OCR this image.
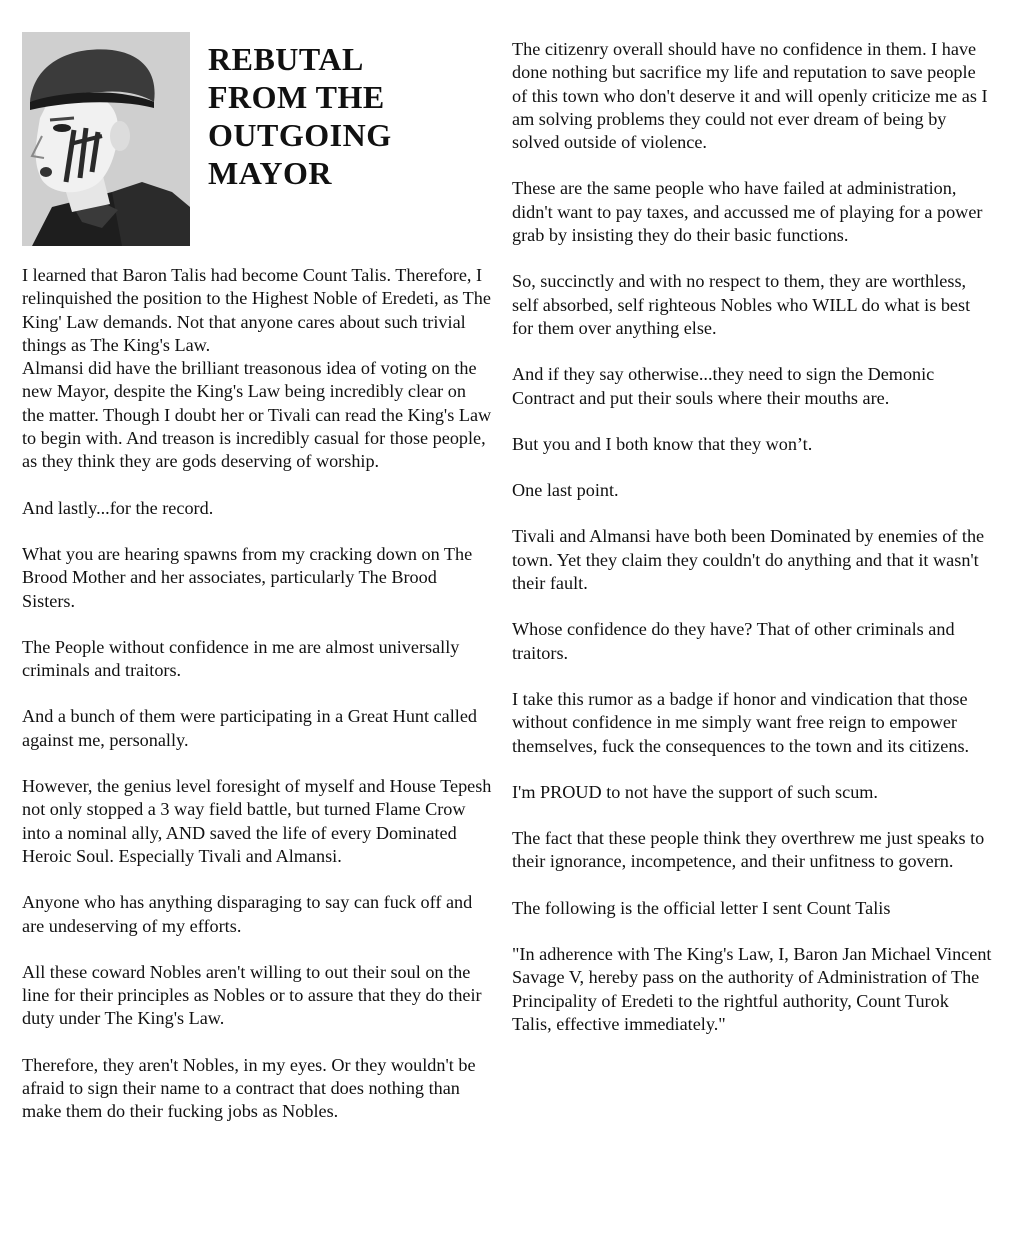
REBUTAL
FROM THE
OUTGOING
MAYOR

I learned that Baron Talis had become Count Talis. Therefore, I relinquished the position to the Highest Noble of Eredeti, as The King' Law demands. Not that anyone cares about such trivial things as The King's Law.

Almansi did have the brilliant treasonous idea of voting on the new Mayor, despite the King's Law being incredibly clear on the matter. Though I doubt her or Tivali can read the King's Law to begin with. And treason is incredibly casual for those people, as they think they are gods deserving of worship.

And lastly...for the record.

What you are hearing spawns from my cracking down on The Brood Mother and her associates, particularly The Brood Sisters.

The People without confidence in me are almost universally criminals and traitors.

And a bunch of them were participating in a Great Hunt called against me, personally.

However, the genius level foresight of myself and House Tepesh not only stopped a 3 way field battle, but turned Flame Crow into a nominal ally, AND saved the life of every Dominated Heroic Soul. Especially Tivali and Almansi.

Anyone who has anything disparaging to say can fuck off and are undeserving of my efforts.

All these coward Nobles aren't willing to out their soul on the line for their principles as Nobles or to assure that they do their duty under The King's Law.

Therefore, they aren't Nobles, in my eyes. Or they wouldn't be afraid to sign their name to a contract that does nothing than make them do their fucking jobs as Nobles.

The citizenry overall should have no confidence in them. I have done nothing but sacrifice my life and reputation to save people of this town who don't deserve it and will openly criticize me as I am solving problems they could not ever dream of being by solved outside of violence.

These are the same people who have failed at administration, didn't want to pay taxes, and accussed me of playing for a power grab by insisting they do their basic functions.

So, succinctly and with no respect to them, they are worthless, self absorbed, self righteous Nobles who WILL do what is best for them over anything else.

And if they say otherwise...they need to sign the Demonic Contract and put their souls where their mouths are.

But you and I both know that they won’t.

One last point.

Tivali and Almansi have both been Dominated by enemies of the town. Yet they claim they couldn't do anything and that it wasn't their fault.

Whose confidence do they have? That of other criminals and traitors.

I take this rumor as a badge if honor and vindication that those without confidence in me simply want free reign to empower themselves, fuck the consequences to the town and its citizens.

I'm PROUD to not have the support of such scum.

The fact that these people think they overthrew me just speaks to their ignorance, incompetence, and their unfitness to govern.

The following is the official letter I sent Count Talis

"In adherence with The King's Law, I, Baron Jan Michael Vincent Savage V, hereby pass on the authority of Administration of The Principality of Eredeti to the rightful authority, Count Turok Talis, effective immediately."
